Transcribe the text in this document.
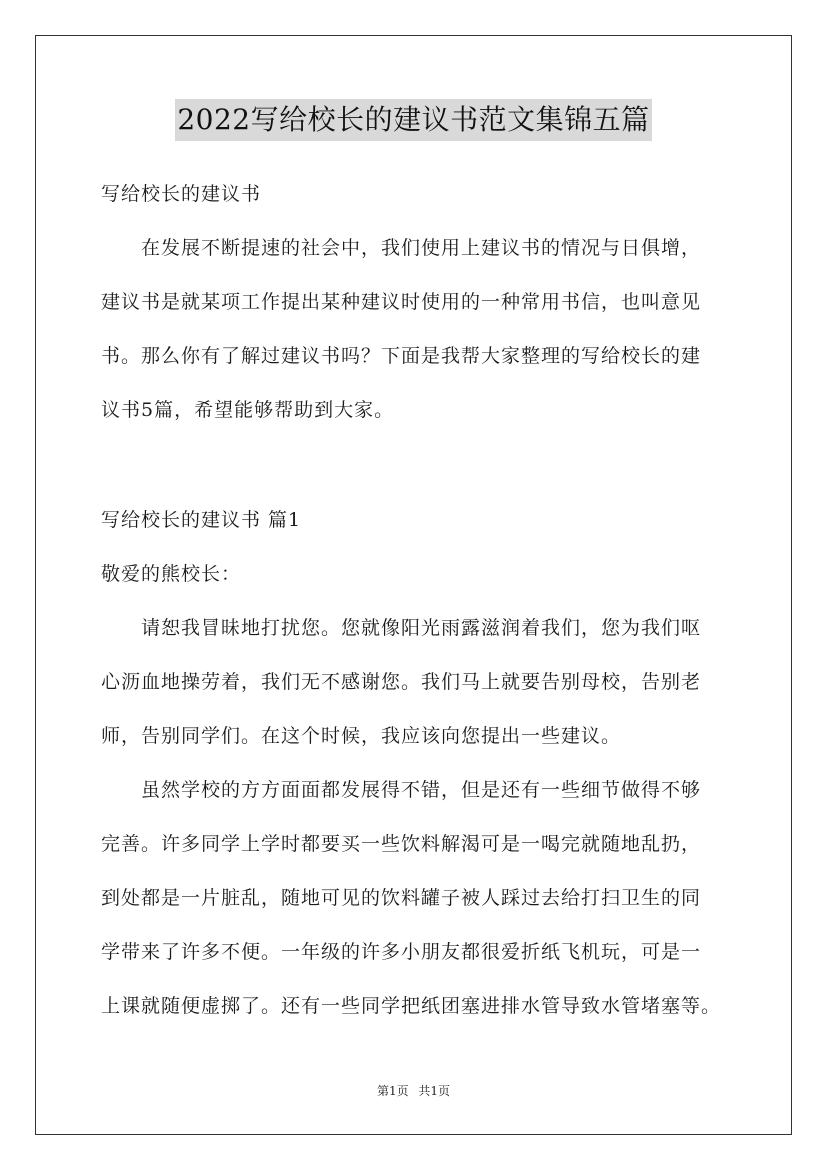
2022写给校长的建议书范文集锦五篇
写给校长的建议书
在发展不断提速的社会中，我们使用上建议书的情况与日俱增，
建议书是就某项工作提出某种建议时使用的一种常用书信，也叫意见
书。那么你有了解过建议书吗？下面是我帮大家整理的写给校长的建
议书5篇，希望能够帮助到大家。
写给校长的建议书 篇1
敬爱的熊校长：
请恕我冒昧地打扰您。您就像阳光雨露滋润着我们，您为我们呕
心沥血地操劳着，我们无不感谢您。我们马上就要告别母校，告别老
师，告别同学们。在这个时候，我应该向您提出一些建议。
虽然学校的方方面面都发展得不错，但是还有一些细节做得不够
完善。许多同学上学时都要买一些饮料解渴可是一喝完就随地乱扔，
到处都是一片脏乱，随地可见的饮料罐子被人踩过去给打扫卫生的同
学带来了许多不便。一年级的许多小朋友都很爱折纸飞机玩，可是一
上课就随便虚掷了。还有一些同学把纸团塞进排水管导致水管堵塞等。
第1页 共1页
